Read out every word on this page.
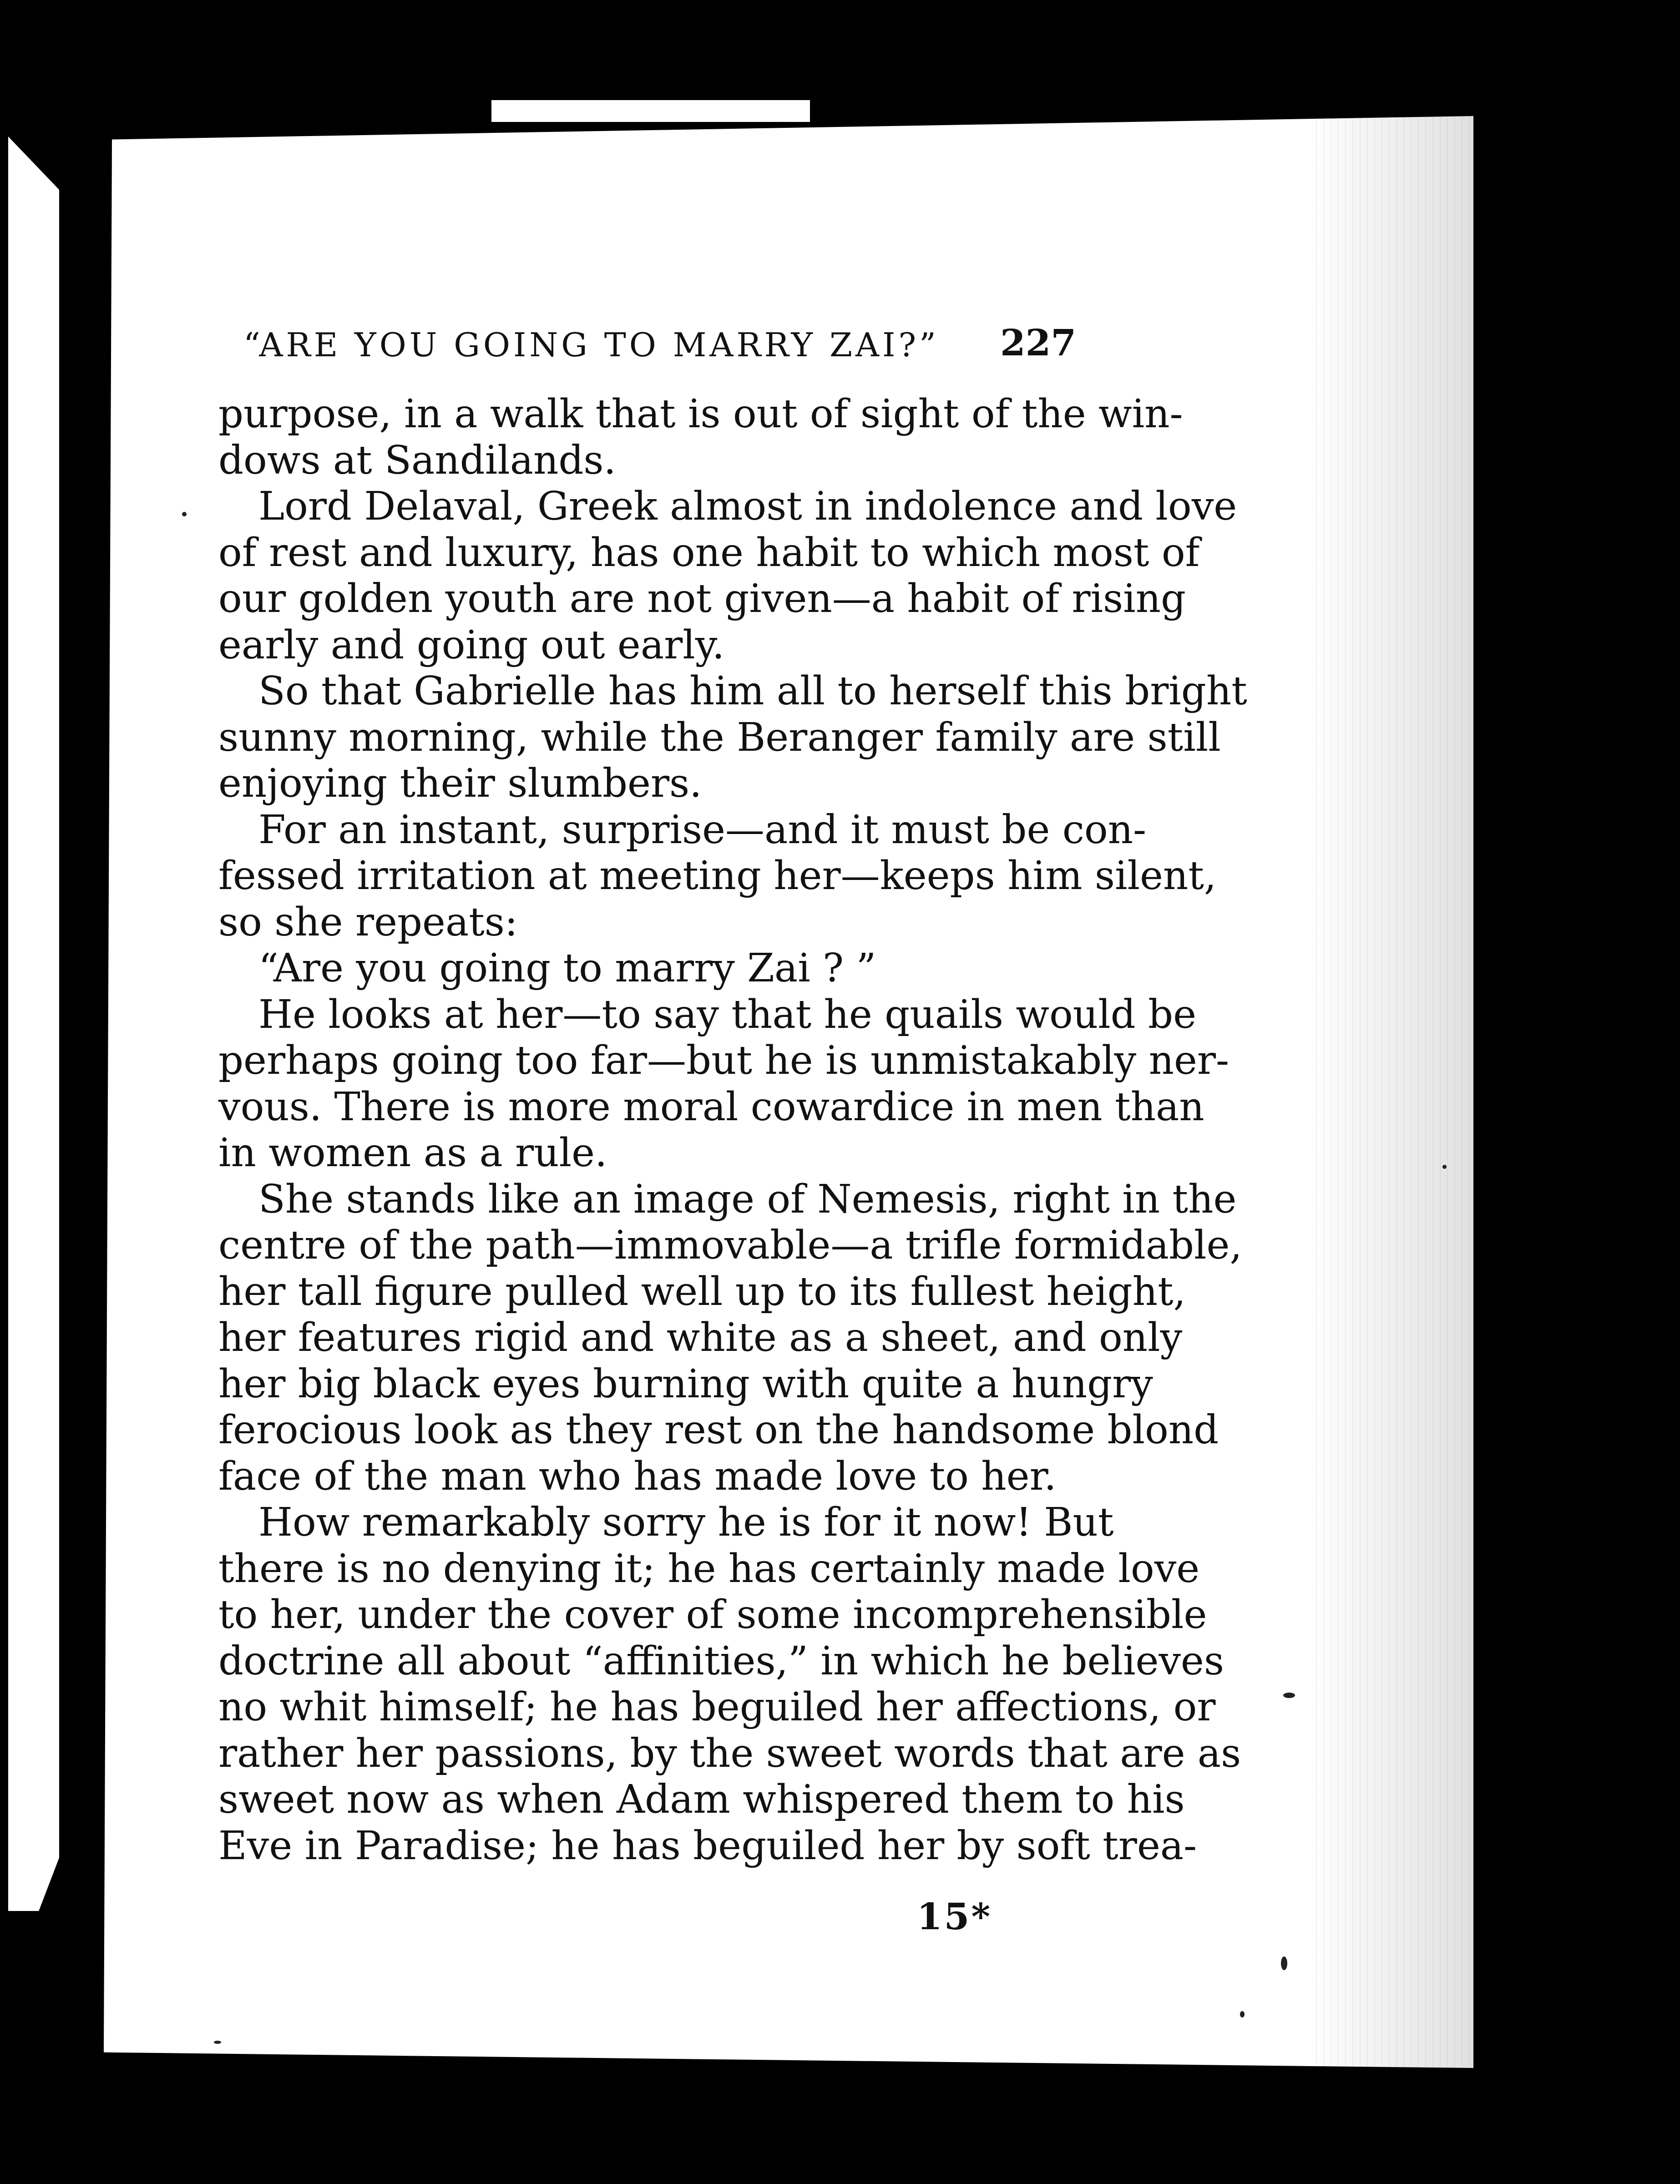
“ARE YOU GOING TO MARRY ZAI?” 227
purpose, in a walk that is out of sight of the win-
dows at Sandilands.
Lord Delaval, Greek almost in indolence and love
of rest and luxury, has one habit to which most of
our golden youth are not given—a habit of rising
early and going out early.
So that Gabrielle has him all to herself this bright
sunny morning, while the Beranger family are still
enjoying their slumbers.
For an instant, surprise—and it must be con-
fessed irritation at meeting her—keeps him silent,
so she repeats:
“Are you going to marry Zai ? ”
He looks at her—to say that he quails would be
perhaps going too far—but he is unmistakably ner-
vous. There is more moral cowardice in men than
in women as a rule.
She stands like an image of Nemesis, right in the
centre of the path—immovable—a trifle formidable,
her tall figure pulled well up to its fullest height,
her features rigid and white as a sheet, and only
her big black eyes burning with quite a hungry
ferocious look as they rest on the handsome blond
face of the man who has made love to her.
How remarkably sorry he is for it now! But
there is no denying it; he has certainly made love
to her, under the cover of some incomprehensible
doctrine all about “affinities,” in which he believes
no whit himself; he has beguiled her affections, or
rather her passions, by the sweet words that are as
sweet now as when Adam whispered them to his
Eve in Paradise; he has beguiled her by soft trea-
15*
